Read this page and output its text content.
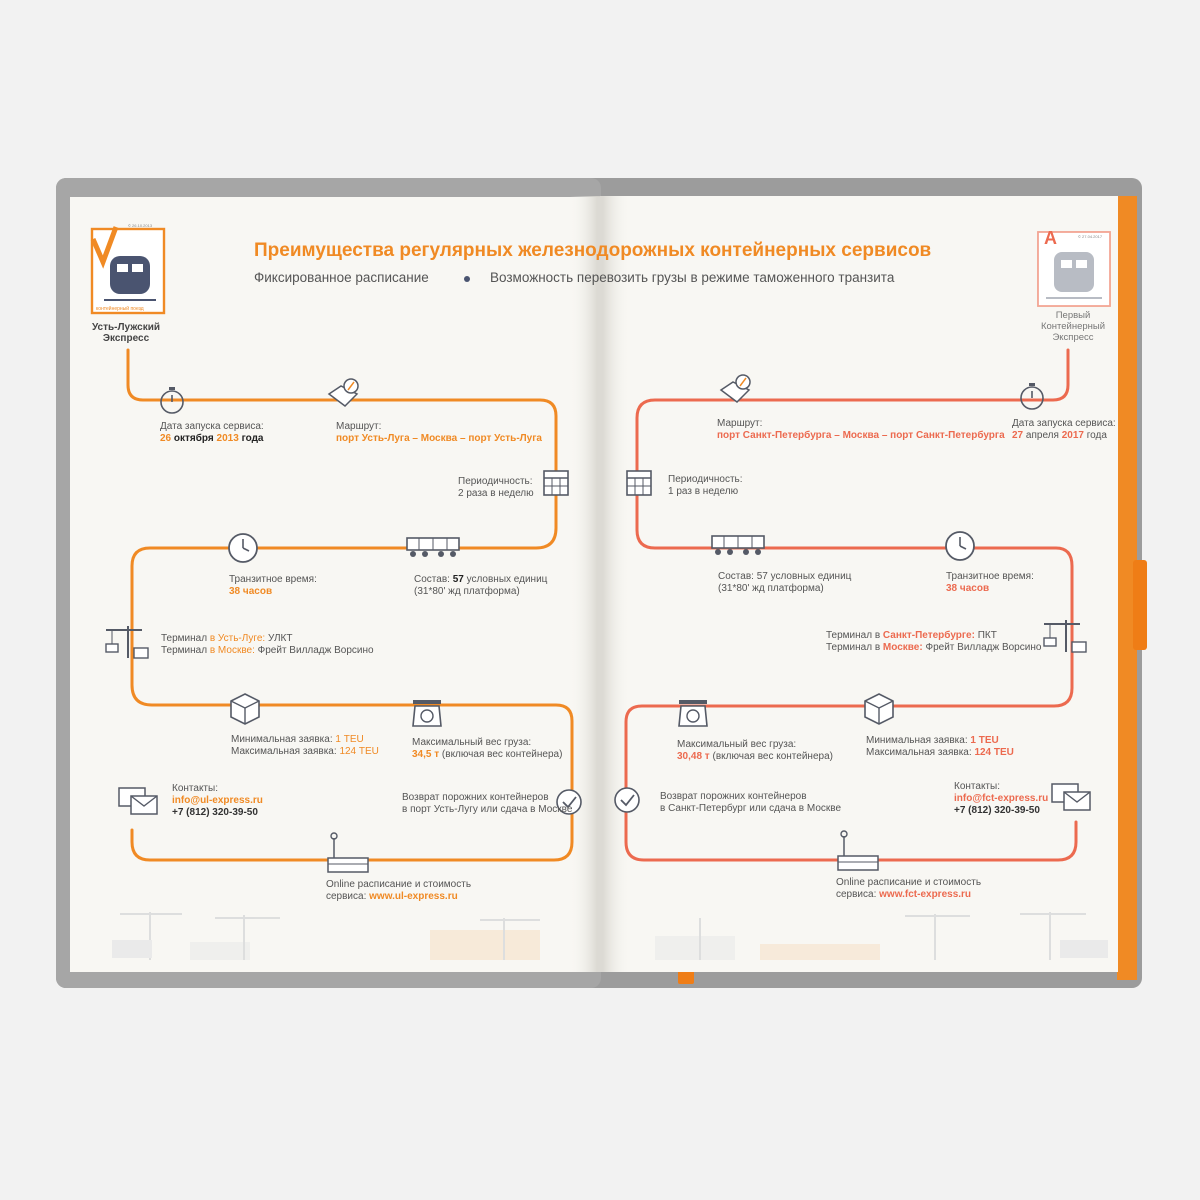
Преимущества регулярных железнодорожных контейнерных сервисов

Фиксированное расписание	Возможность перевозить грузы в режиме таможенного транзита

© 26.10.2013

контейнерный поезд

Усть-Лужский
Экспресс

A	© 27.04.2017

Первый
Контейнерный
Экспресс
Дата запуска сервиса:
26 октября 2013 года
Маршрут:
порт Усть-Луга – Москва – порт Усть-Луга
Периодичность:
2 раза в неделю
Транзитное время:
38 часов
Состав: 57 условных единиц
(31*80' жд платформа)
Терминал в Усть-Луге: УЛКТ
Терминал в Москве: Фрейт Вилладж Ворсино
Минимальная заявка: 1 TEU
Максимальная заявка: 124 TEU
Максимальный вес груза:
34,5 т (включая вес контейнера)
Контакты:
info@ul-express.ru
+7 (812) 320-39-50
Возврат порожних контейнеров
в порт Усть-Лугу или сдача в Москве
Online расписание и стоимость
сервиса: www.ul-express.ru
Дата запуска сервиса:
27 апреля 2017 года
Маршрут:
порт Санкт-Петербурга – Москва – порт Санкт-Петербурга
Периодичность:
1 раз в неделю
Состав: 57 условных единиц
(31*80' жд платформа)
Транзитное время:
38 часов
Терминал в Санкт-Петербурге: ПКТ
Терминал в Москве: Фрейт Вилладж Ворсино
Максимальный вес груза:
30,48 т (включая вес контейнера)
Минимальная заявка: 1 TEU
Максимальная заявка: 124 TEU
Возврат порожних контейнеров
в Санкт-Петербург или сдача в Москве
Контакты:
info@fct-express.ru
+7 (812) 320-39-50
Online расписание и стоимость
сервиса: www.fct-express.ru
